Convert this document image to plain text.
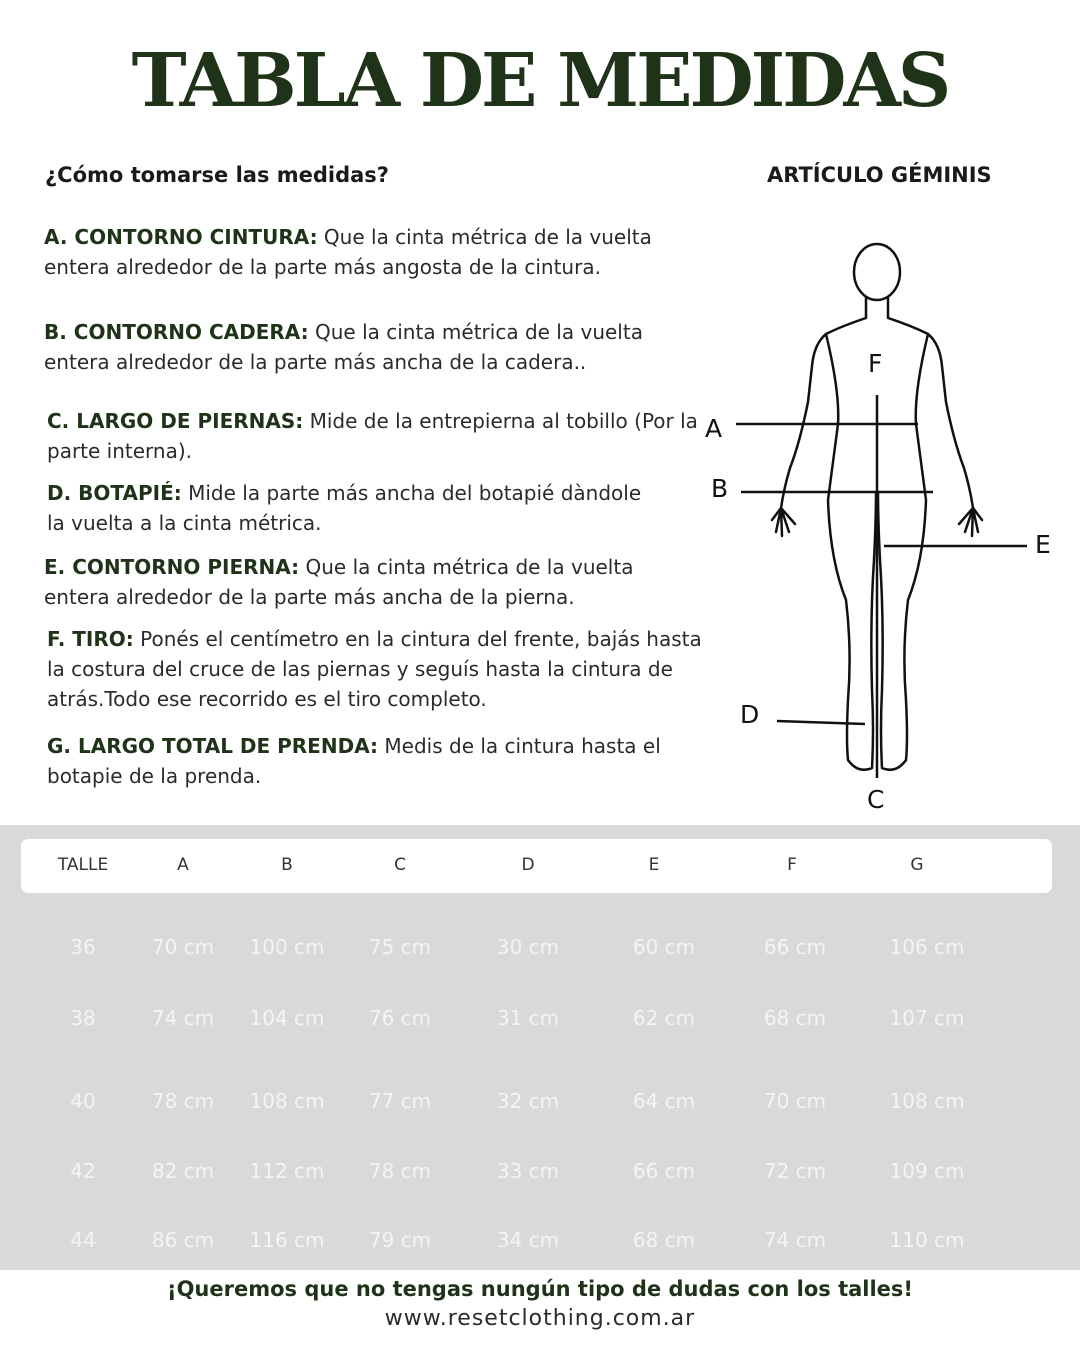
TABLA DE MEDIDAS

¿Cómo tomarse las medidas?	ARTÍCULO GÉMINIS

A. CONTORNO CINTURA: Que la cinta métrica de la vuelta entera alrededor de la parte más angosta de la cintura.

B. CONTORNO CADERA: Que la cinta métrica de la vuelta entera alrededor de la parte más ancha de la cadera..

C. LARGO DE PIERNAS: Mide de la entrepierna al tobillo (Por la parte interna).

D. BOTAPIÉ: Mide la parte más ancha del botapié dàndole la vuelta a la cinta métrica.

E. CONTORNO PIERNA: Que la cinta métrica de la vuelta entera alrededor de la parte más ancha de la pierna.

F. TIRO: Ponés el centímetro en la cintura del frente, bajás hasta la costura del cruce de las piernas y seguís hasta la cintura de atrás.Todo ese recorrido es el tiro completo.

G. LARGO TOTAL DE PRENDA: Medis de la cintura hasta el botapie de la prenda.

F
A
B
E
D
C
TALLE	A	B	C	D	E	F	G
36	70 cm 100 cm 75 cm	30 cm	60 cm	66 cm	106 cm
38	74 cm 104 cm 76 cm	31 cm	62 cm	68 cm	107 cm
40	78 cm 108 cm 77 cm	32 cm	64 cm	70 cm	108 cm
42	82 cm 112 cm 78 cm	33 cm	66 cm	72 cm	109 cm
44	86 cm 116 cm 79 cm	34 cm	68 cm	74 cm	110 cm

¡Queremos que no tengas nungún tipo de dudas con los talles!

www.resetclothing.com.ar
